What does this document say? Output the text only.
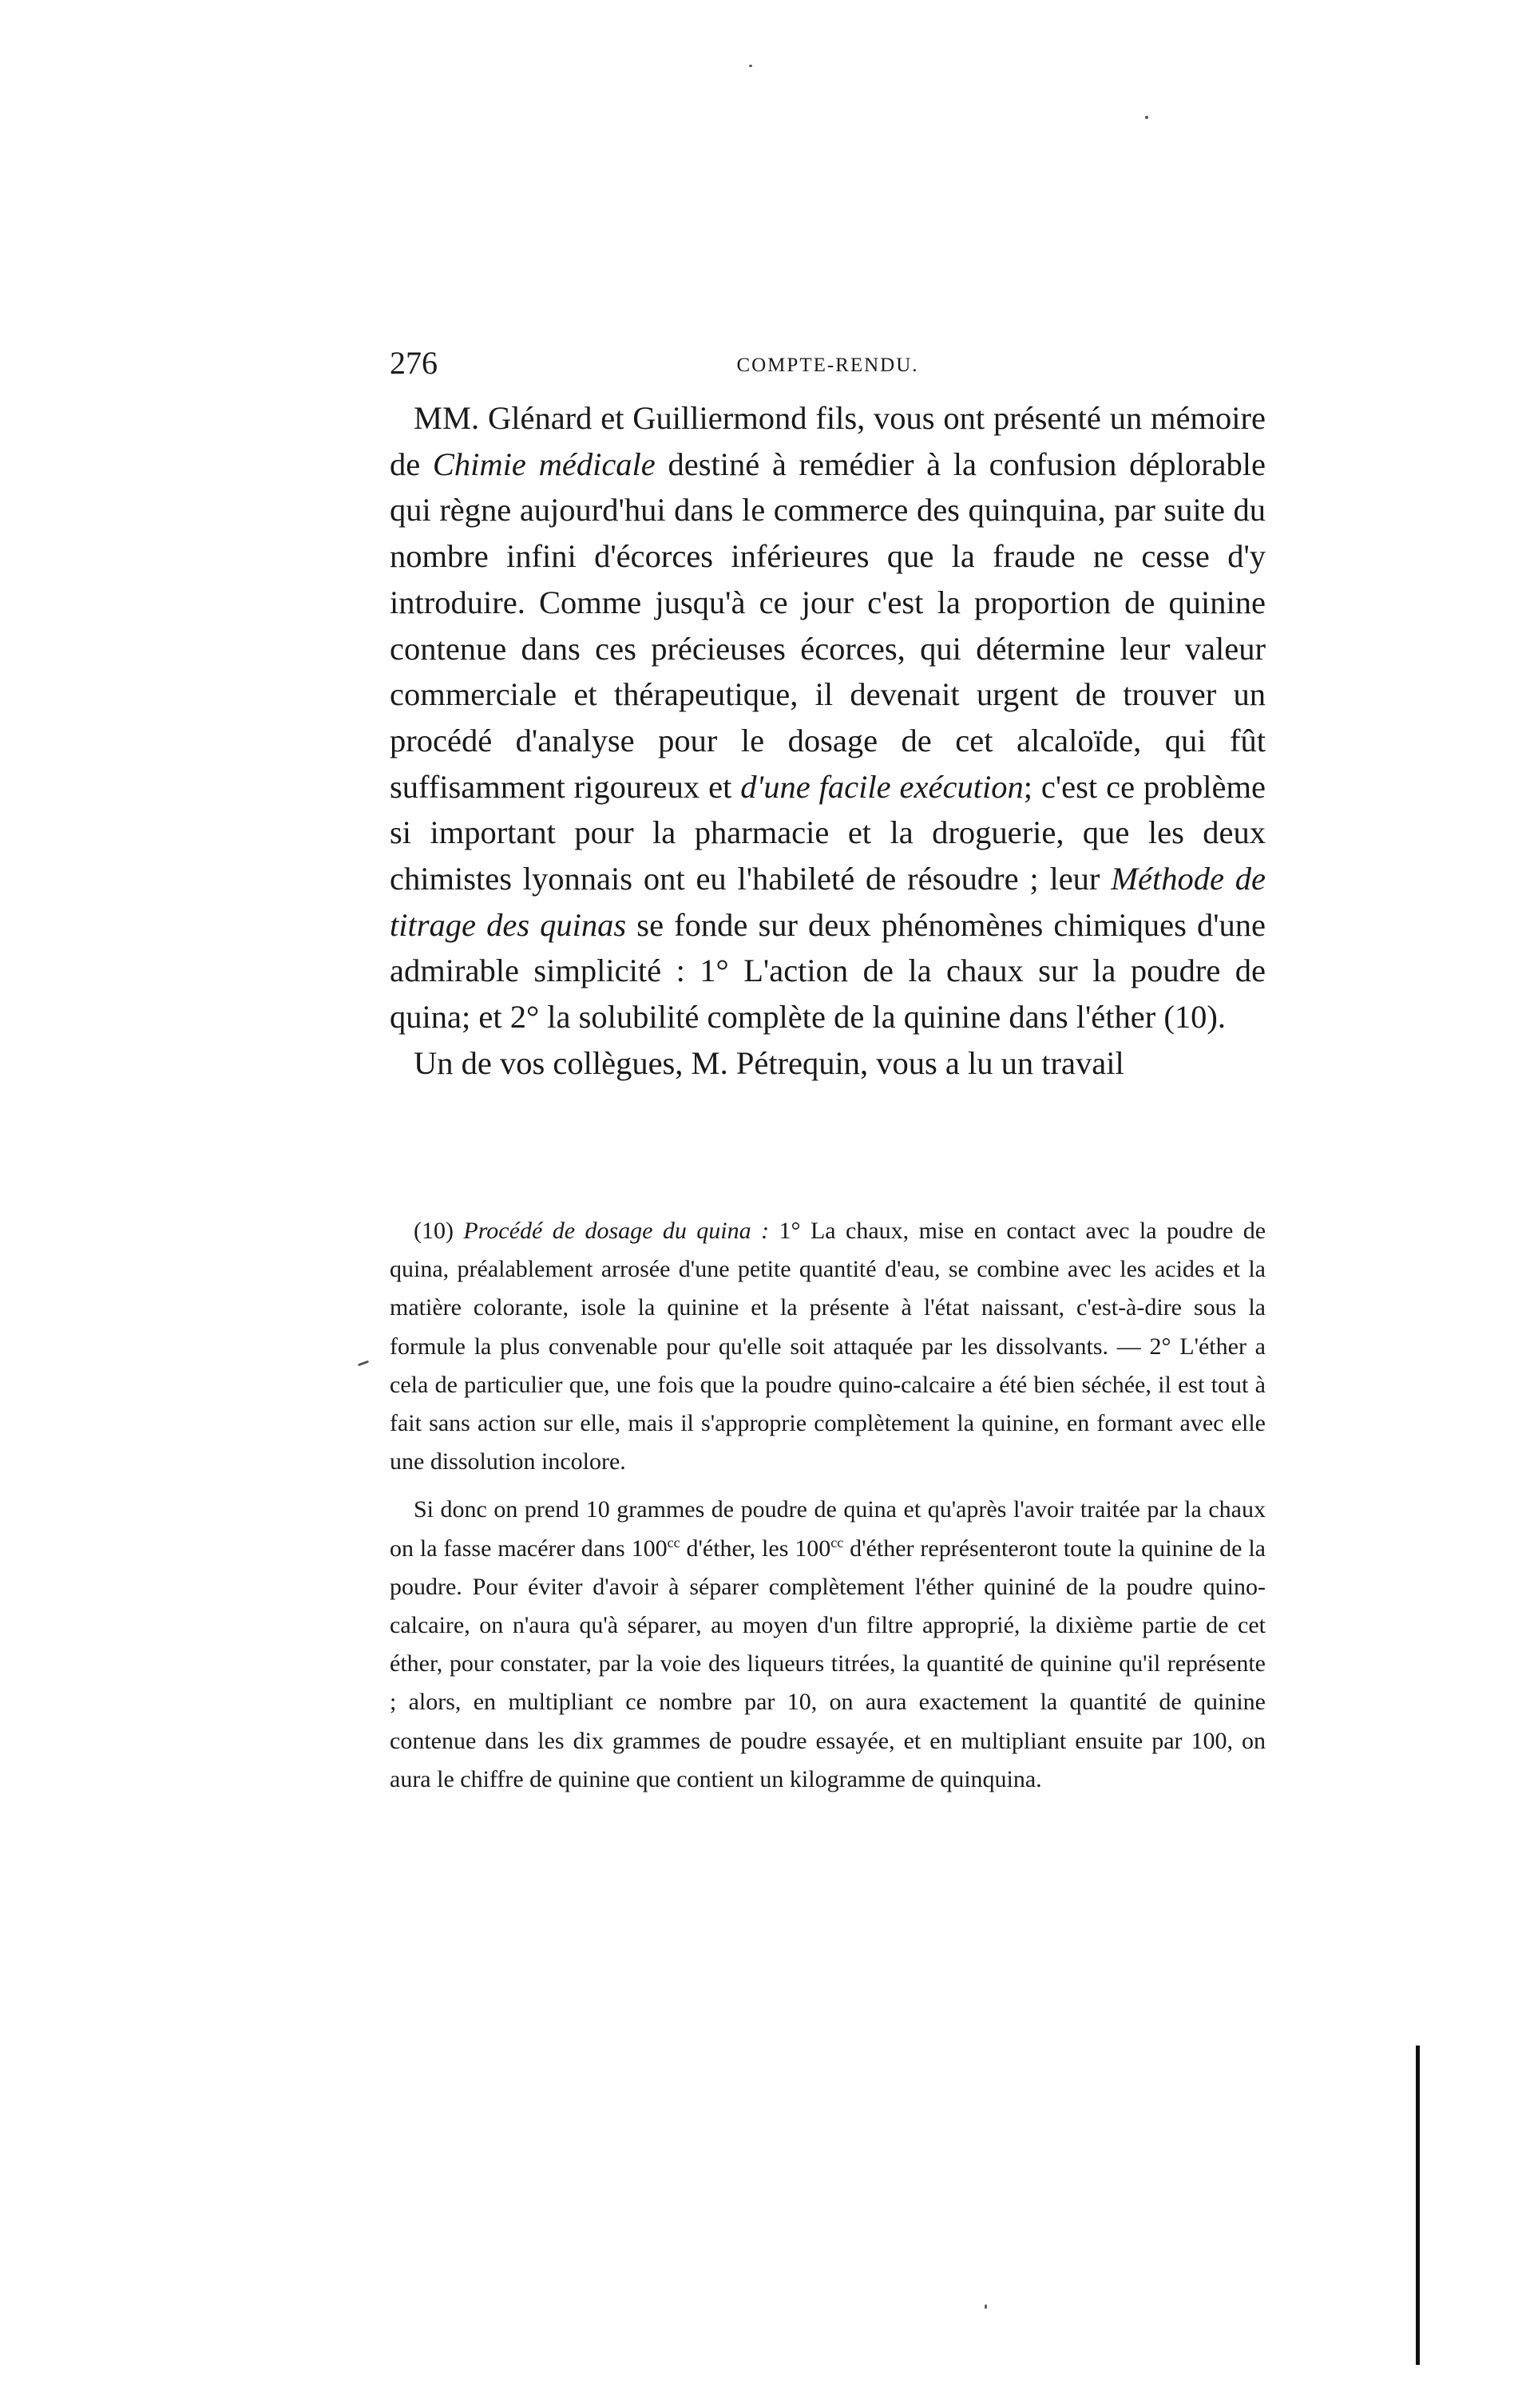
276	COMPTE-RENDU.

MM. Glénard et Guilliermond fils, vous ont présenté un mémoire de Chimie médicale destiné à remédier à la confusion déplorable qui règne aujourd'hui dans le commerce des quinquina, par suite du nombre infini d'écorces inférieures que la fraude ne cesse d'y introduire. Comme jusqu'à ce jour c'est la proportion de quinine contenue dans ces précieuses écorces, qui détermine leur valeur commerciale et thérapeutique, il devenait urgent de trouver un procédé d'analyse pour le dosage de cet alcaloïde, qui fût suffisamment rigoureux et d'une facile exécution; c'est ce problème si important pour la pharmacie et la droguerie, que les deux chimistes lyonnais ont eu l'habileté de résoudre ; leur Méthode de titrage des quinas se fonde sur deux phénomènes chimiques d'une admirable simplicité : 1° L'action de la chaux sur la poudre de quina; et 2° la solubilité complète de la quinine dans l'éther (10).

Un de vos collègues, M. Pétrequin, vous a lu un travail

(10) Procédé de dosage du quina : 1° La chaux, mise en contact avec la poudre de quina, préalablement arrosée d'une petite quantité d'eau, se combine avec les acides et la matière colorante, isole la quinine et la présente à l'état naissant, c'est-à-dire sous la formule la plus convenable pour qu'elle soit attaquée par les dissolvants. — 2° L'éther a cela de particulier que, une fois que la poudre quino-calcaire a été bien séchée, il est tout à fait sans action sur elle, mais il s'approprie complètement la quinine, en formant avec elle une dissolution incolore.

Si donc on prend 10 grammes de poudre de quina et qu'après l'avoir traitée par la chaux on la fasse macérer dans $100^{cc}$ d'éther, les $100^{cc}$ d'éther représenteront toute la quinine de la poudre. Pour éviter d'avoir à séparer complètement l'éther quininé de la poudre quino-calcaire, on n'aura qu'à séparer, au moyen d'un filtre approprié, la dixième partie de cet éther, pour constater, par la voie des liqueurs titrées, la quantité de quinine qu'il représente ; alors, en multipliant ce nombre par 10, on aura exactement la quantité de quinine contenue dans les dix grammes de poudre essayée, et en multipliant ensuite par 100, on aura le chiffre de quinine que contient un kilogramme de quinquina.
